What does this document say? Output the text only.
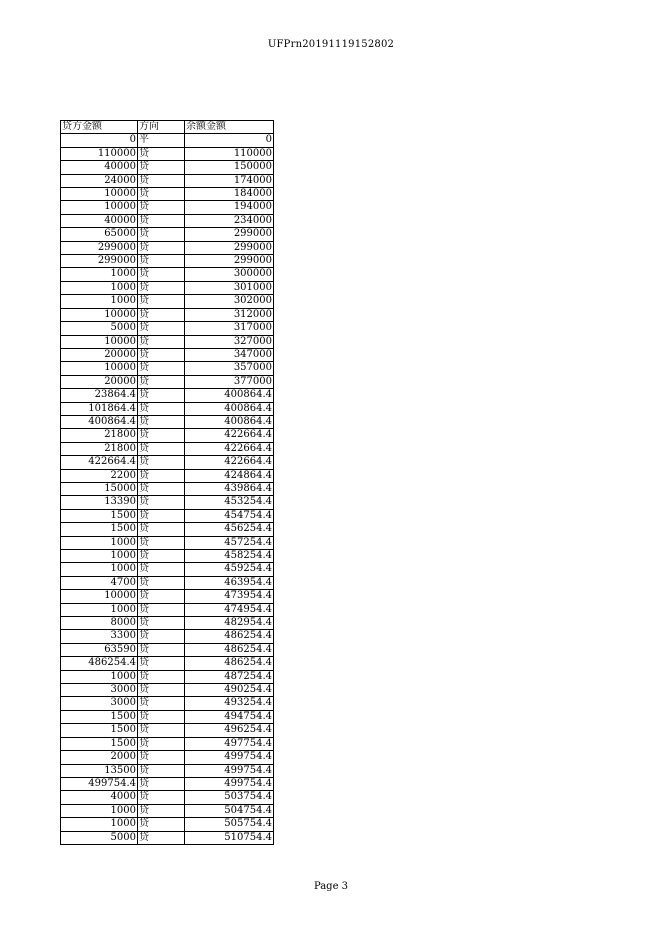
UFPrn20191119152802
贷方金额	方向	余额金额
0	平	0
110000	贷	110000
40000	贷	150000
24000	贷	174000
10000	贷	184000
10000	贷	194000
40000	贷	234000
65000	贷	299000
299000	贷	299000
299000	贷	299000
1000	贷	300000
1000	贷	301000
1000	贷	302000
10000	贷	312000
5000	贷	317000
10000	贷	327000
20000	贷	347000
10000	贷	357000
20000	贷	377000
23864.4	贷	400864.4
101864.4	贷	400864.4
400864.4	贷	400864.4
21800	贷	422664.4
21800	贷	422664.4
422664.4	贷	422664.4
2200	贷	424864.4
15000	贷	439864.4
13390	贷	453254.4
1500	贷	454754.4
1500	贷	456254.4
1000	贷	457254.4
1000	贷	458254.4
1000	贷	459254.4
4700	贷	463954.4
10000	贷	473954.4
1000	贷	474954.4
8000	贷	482954.4
3300	贷	486254.4
63590	贷	486254.4
486254.4	贷	486254.4
1000	贷	487254.4
3000	贷	490254.4
3000	贷	493254.4
1500	贷	494754.4
1500	贷	496254.4
1500	贷	497754.4
2000	贷	499754.4
13500	贷	499754.4
499754.4	贷	499754.4
4000	贷	503754.4
1000	贷	504754.4
1000	贷	505754.4
5000	贷	510754.4
Page 3
